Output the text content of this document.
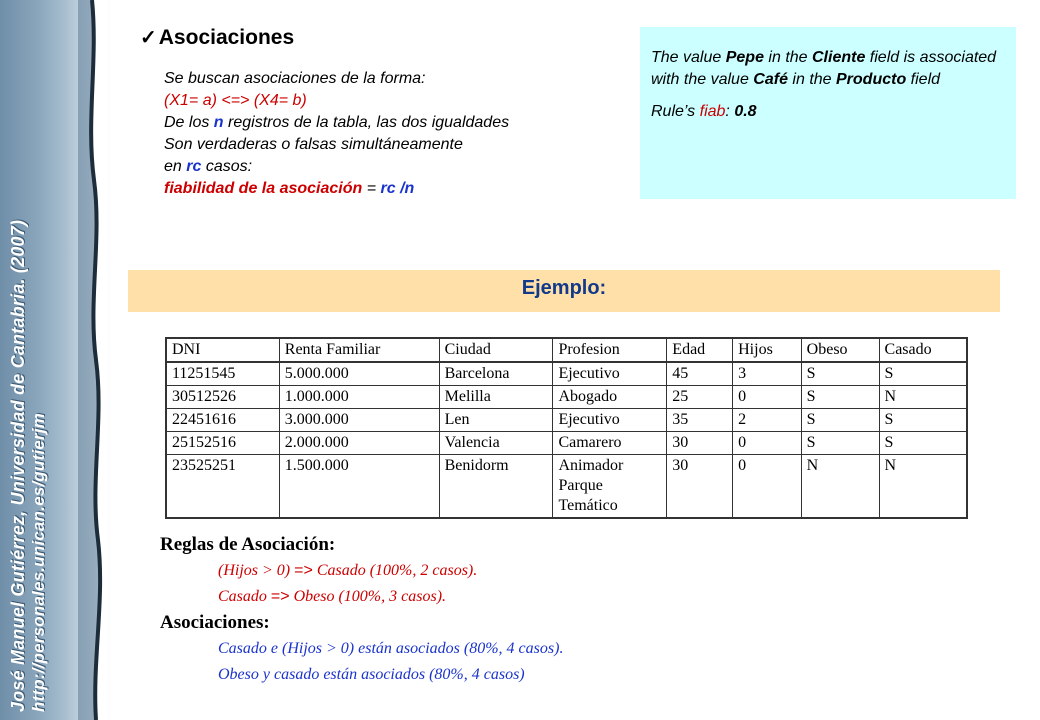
José Manuel Gutiérrez, Universidad de Cantabria. (2007) http://personales.unican.es/gutierjm
✓Asociaciones
Se buscan asociaciones de la forma:
(X1= a) <=> (X4= b)
De los n registros de la tabla, las dos igualdades
Son verdaderas o falsas simultáneamente
en rc casos:
fiabilidad de la asociación = rc /n

The value Pepe in the Cliente field is associated with the value Café in the Producto field

Rule’s fiab: 0.8

Ejemplo:
DNI	Renta Familiar	Ciudad	Profesion	Edad	Hijos	Obeso	Casado
11251545	5.000.000	Barcelona	Ejecutivo	45	3	S	S
30512526	1.000.000	Melilla	Abogado	25	0	S	N
22451616	3.000.000	Len	Ejecutivo	35	2	S	S
25152516	2.000.000	Valencia	Camarero	30	0	S	S
23525251	1.500.000	Benidorm	Animador
Parque
Temático	30	0	N	N
Reglas de Asociación:
(Hijos > 0) => Casado (100%, 2 casos).
Casado => Obeso (100%, 3 casos).
Asociaciones:
Casado e (Hijos > 0) están asociados (80%, 4 casos).
Obeso y casado están asociados (80%, 4 casos)
